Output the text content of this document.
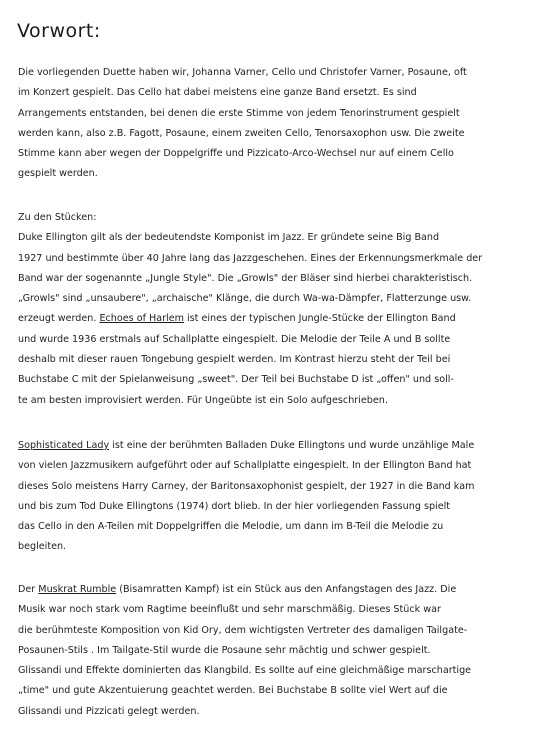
Vorwort:
Die vorliegenden Duette haben wir, Johanna Varner, Cello und Christofer Varner, Posaune, oft
im Konzert gespielt. Das Cello hat dabei meistens eine ganze Band ersetzt. Es sind
Arrangements entstanden, bei denen die erste Stimme von jedem Tenorinstrument gespielt
werden kann, also z.B. Fagott, Posaune, einem zweiten Cello, Tenorsaxophon usw. Die zweite
Stimme kann aber wegen der Doppelgriffe und Pizzicato-Arco-Wechsel nur auf einem Cello
gespielt werden.
Zu den Stücken:
Duke Ellington gilt als der bedeutendste Komponist im Jazz. Er gründete seine Big Band
1927 und bestimmte über 40 Jahre lang das Jazzgeschehen. Eines der Erkennungsmerkmale der
Band war der sogenannte „Jungle Style". Die „Growls" der Bläser sind hierbei charakteristisch.
„Growls" sind „unsaubere", „archaische" Klänge, die durch Wa-wa-Dämpfer, Flatterzunge usw.
erzeugt werden. Echoes of Harlem ist eines der typischen Jungle-Stücke der Ellington Band
und wurde 1936 erstmals auf Schallplatte eingespielt. Die Melodie der Teile A und B sollte
deshalb mit dieser rauen Tongebung gespielt werden. Im Kontrast hierzu steht der Teil bei
Buchstabe C mit der Spielanweisung „sweet". Der Teil bei Buchstabe D ist „offen" und soll-
te am besten improvisiert werden. Für Ungeübte ist ein Solo aufgeschrieben.
Sophisticated Lady ist eine der berühmten Balladen Duke Ellingtons und wurde unzählige Male
von vielen Jazzmusikern aufgeführt oder auf Schallplatte eingespielt. In der Ellington Band hat
dieses Solo meistens Harry Carney, der Baritonsaxophonist gespielt, der 1927 in die Band kam
und bis zum Tod Duke Ellingtons (1974) dort blieb. In der hier vorliegenden Fassung spielt
das Cello in den A-Teilen mit Doppelgriffen die Melodie, um dann im B-Teil die Melodie zu
begleiten.
Der Muskrat Rumble (Bisamratten Kampf) ist ein Stück aus den Anfangstagen des Jazz. Die
Musik war noch stark vom Ragtime beeinflußt und sehr marschmäßig. Dieses Stück war
die berühmteste Komposition von Kid Ory, dem wichtigsten Vertreter des damaligen Tailgate-
Posaunen-Stils . Im Tailgate-Stil wurde die Posaune sehr mächtig und schwer gespielt.
Glissandi und Effekte dominierten das Klangbild. Es sollte auf eine gleichmäßige marschartige
„time" und gute Akzentuierung geachtet werden. Bei Buchstabe B sollte viel Wert auf die
Glissandi und Pizzicati gelegt werden.
